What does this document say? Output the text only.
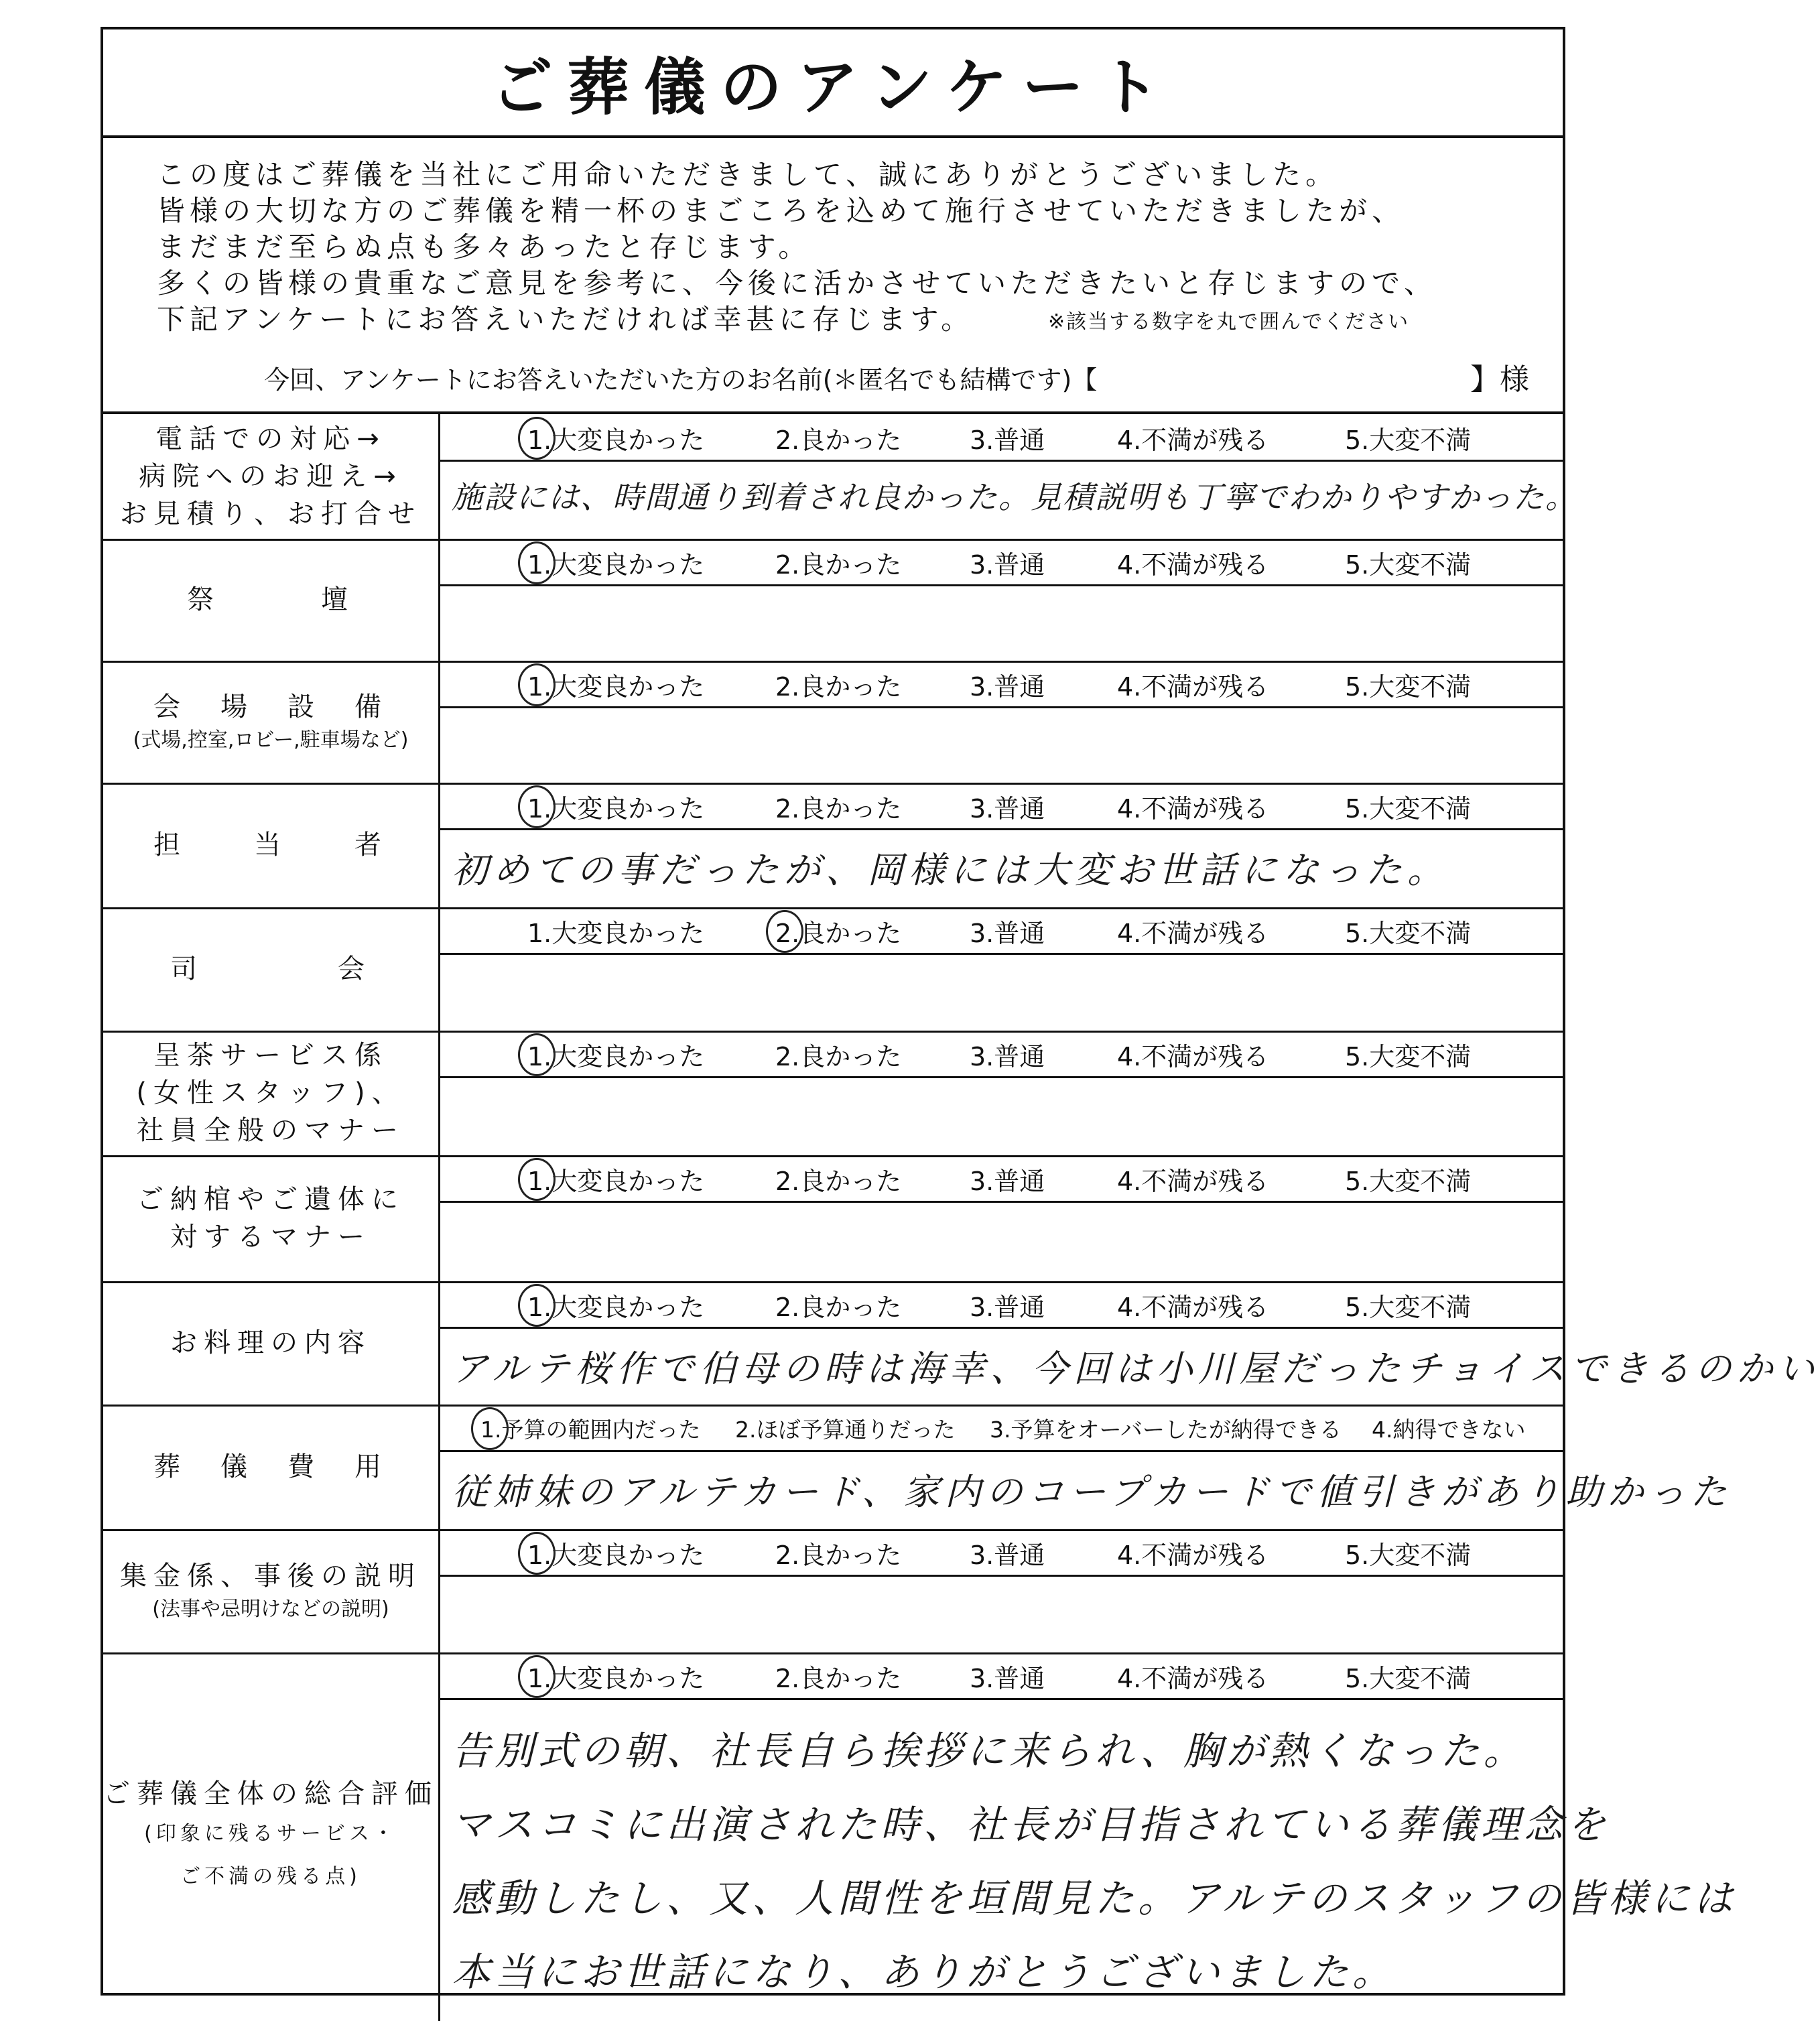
ご葬儀のアンケート
この度はご葬儀を当社にご用命いただきまして、誠にありがとうございました。
皆様の大切な方のご葬儀を精一杯のまごころを込めて施行させていただきましたが、
まだまだ至らぬ点も多々あったと存じます。
多くの皆様の貴重なご意見を参考に、今後に活かさせていただきたいと存じますので、
下記アンケートにお答えいただければ幸甚に存じます。	※該当する数字を丸で囲んでください
今回、アンケートにお答えいただいた方のお名前(＊匿名でも結構です)【	】様
電話での対応→
病院へのお迎え→
お見積り、お打合せ
1.大変良かった	2.良かった	3.普通	4.不満が残る	5.大変不満
施設には、時間通り到着され良かった。見積説明も丁寧でわかりやすかった。
祭　　　壇
1.大変良かった	2.良かった	3.普通	4.不満が残る	5.大変不満
会　場　設　備
(式場,控室,ロビー,駐車場など)
1.大変良かった	2.良かった	3.普通	4.不満が残る	5.大変不満
担　　当　　者
1.大変良かった	2.良かった	3.普通	4.不満が残る	5.大変不満
初めての事だったが、岡様には大変お世話になった。
司　　　　会
1.大変良かった	2.良かった	3.普通	4.不満が残る	5.大変不満
呈茶サービス係
(女性スタッフ)、
社員全般のマナー
1.大変良かった	2.良かった	3.普通	4.不満が残る	5.大変不満
ご納棺やご遺体に
対するマナー
1.大変良かった	2.良かった	3.普通	4.不満が残る	5.大変不満
お料理の内容
1.大変良かった	2.良かった	3.普通	4.不満が残る	5.大変不満
アルテ桜作で伯母の時は海幸、今回は小川屋だったチョイスできるのかい
葬　儀　費　用
1.予算の範囲内だった 2.ほぼ予算通りだった 3.予算をオーバーしたが納得できる 4.納得できない
従姉妹のアルテカード、家内のコープカードで値引きがあり助かった
集金係、事後の説明
(法事や忌明けなどの説明)
1.大変良かった	2.良かった	3.普通	4.不満が残る	5.大変不満
ご葬儀全体の総合評価
(印象に残るサービス・
ご不満の残る点)
1.大変良かった	2.良かった	3.普通	4.不満が残る	5.大変不満
告別式の朝、社長自ら挨拶に来られ、胸が熱くなった。
マスコミに出演された時、社長が目指されている葬儀理念を
感動したし、又、人間性を垣間見た。アルテのスタッフの皆様には
本当にお世話になり、ありがとうございました。
